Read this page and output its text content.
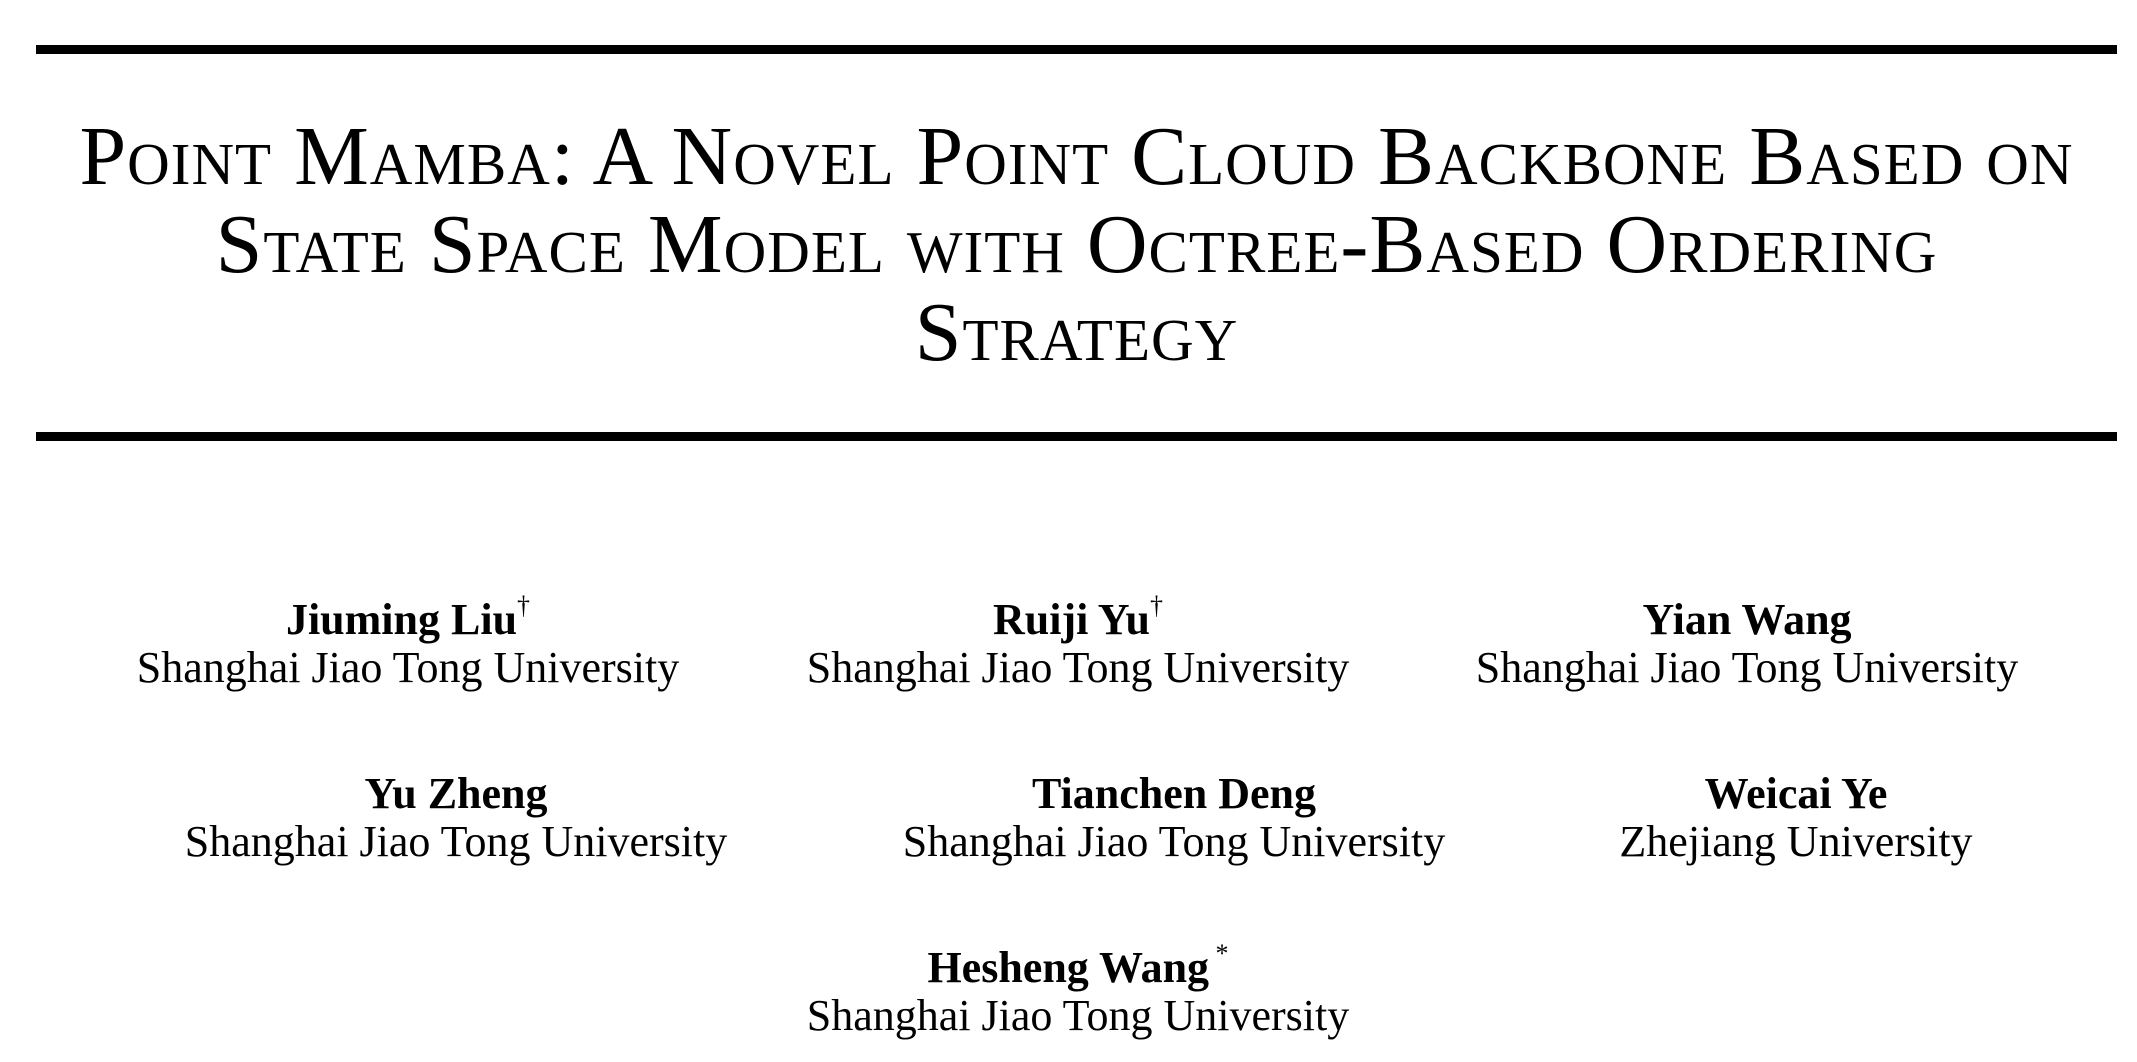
Point Mamba: A Novel Point Cloud Backbone Based on
State Space Model with Octree-Based Ordering
Strategy
Jiuming Liu†
Shanghai Jiao Tong University
Ruiji Yu†
Shanghai Jiao Tong University
Yian Wang
Shanghai Jiao Tong University
Yu Zheng
Shanghai Jiao Tong University
Tianchen Deng
Shanghai Jiao Tong University
Weicai Ye
Zhejiang University
Hesheng Wang *
Shanghai Jiao Tong University
